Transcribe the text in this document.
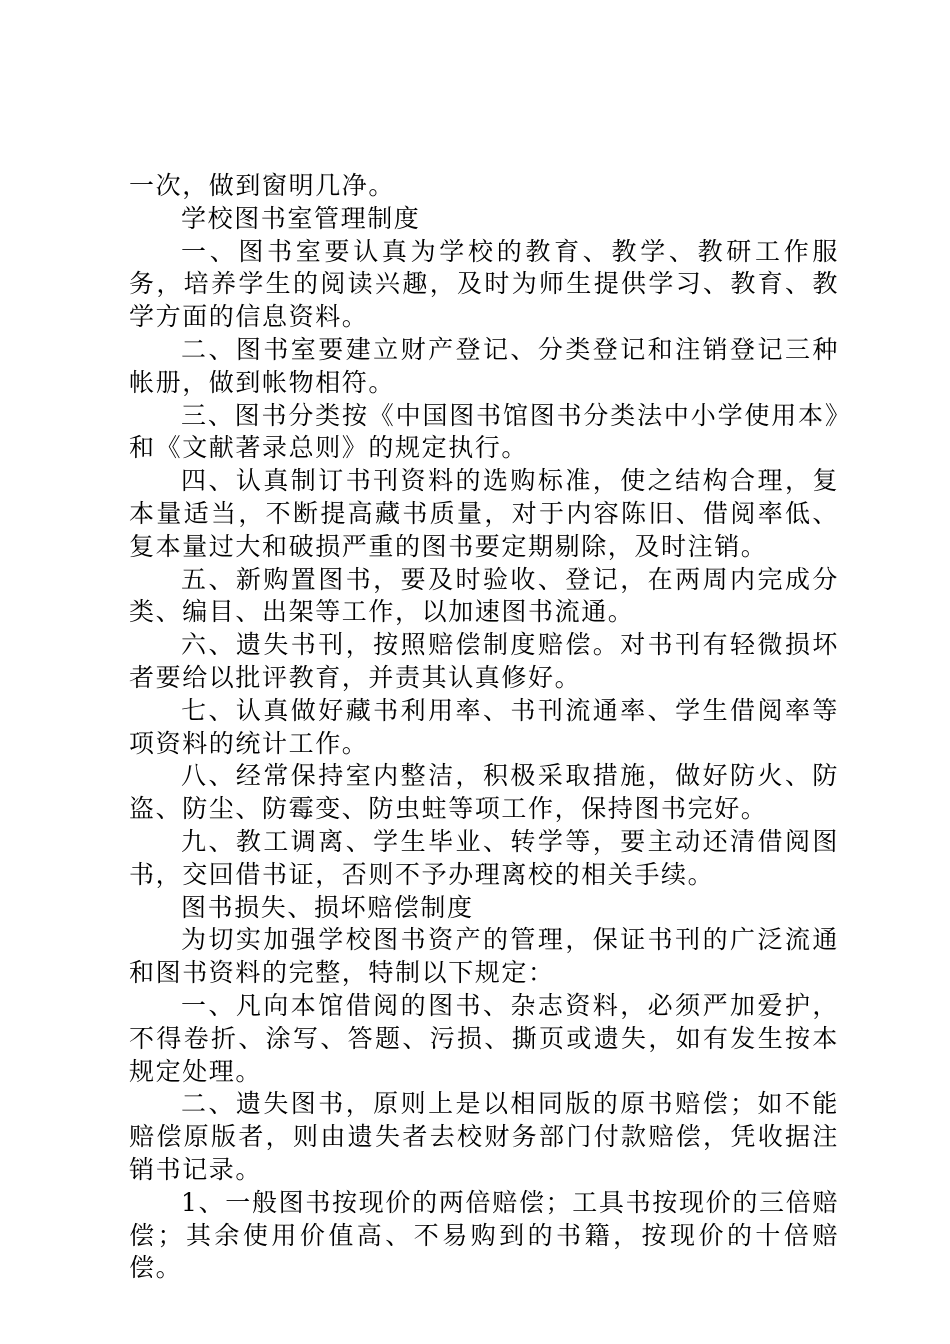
一次，做到窗明几净。

学校图书室管理制度

一、图书室要认真为学校的教育、教学、教研工作服务，培养学生的阅读兴趣，及时为师生提供学习、教育、教学方面的信息资料。

二、图书室要建立财产登记、分类登记和注销登记三种帐册，做到帐物相符。

三、图书分类按《中国图书馆图书分类法中小学使用本》和《文献著录总则》的规定执行。

四、认真制订书刊资料的选购标准，使之结构合理，复本量适当，不断提高藏书质量，对于内容陈旧、借阅率低、复本量过大和破损严重的图书要定期剔除，及时注销。

五、新购置图书，要及时验收、登记，在两周内完成分类、编目、出架等工作，以加速图书流通。

六、遗失书刊，按照赔偿制度赔偿。对书刊有轻微损坏者要给以批评教育，并责其认真修好。

七、认真做好藏书利用率、书刊流通率、学生借阅率等项资料的统计工作。

八、经常保持室内整洁，积极采取措施，做好防火、防盗、防尘、防霉变、防虫蛀等项工作，保持图书完好。

九、教工调离、学生毕业、转学等，要主动还清借阅图书，交回借书证，否则不予办理离校的相关手续。

图书损失、损坏赔偿制度

为切实加强学校图书资产的管理，保证书刊的广泛流通和图书资料的完整，特制以下规定：

一、凡向本馆借阅的图书、杂志资料，必须严加爱护，不得卷折、涂写、答题、污损、撕页或遗失，如有发生按本规定处理。

二、遗失图书，原则上是以相同版的原书赔偿；如不能赔偿原版者，则由遗失者去校财务部门付款赔偿，凭收据注销书记录。

1、一般图书按现价的两倍赔偿；工具书按现价的三倍赔偿；其余使用价值高、不易购到的书籍，按现价的十倍赔偿。
